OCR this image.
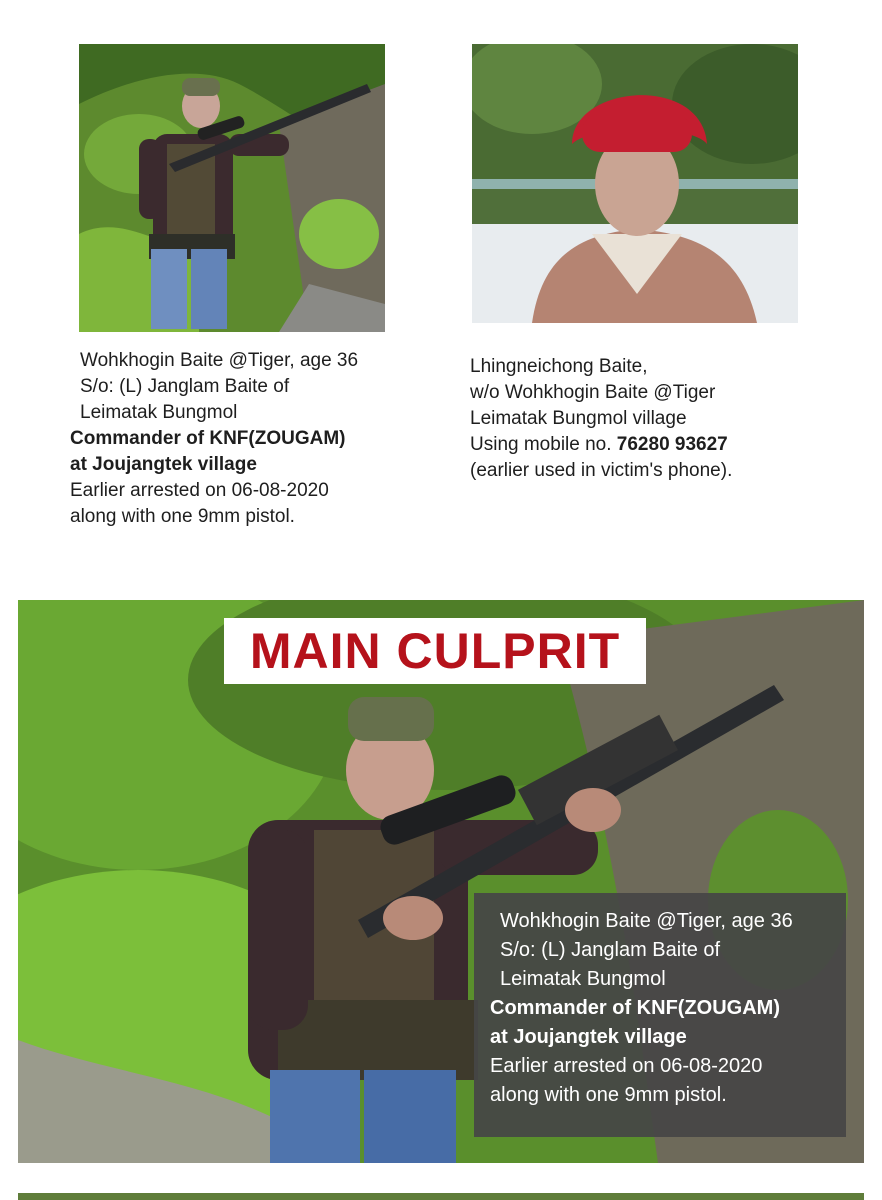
Wohkhogin Baite @Tiger, age 36
S/o: (L) Janglam Baite of
Leimatak Bungmol
Commander of KNF(ZOUGAM)
at Joujangtek village
Earlier arrested on 06-08-2020
along with one 9mm pistol.
Lhingneichong Baite,
w/o Wohkhogin Baite @Tiger
Leimatak Bungmol village
Using mobile no. 76280 93627
(earlier used in victim's phone).
MAIN CULPRIT
Wohkhogin Baite @Tiger, age 36
S/o: (L) Janglam Baite of
Leimatak Bungmol
Commander of KNF(ZOUGAM)
at Joujangtek village
Earlier arrested on 06-08-2020
along with one 9mm pistol.
